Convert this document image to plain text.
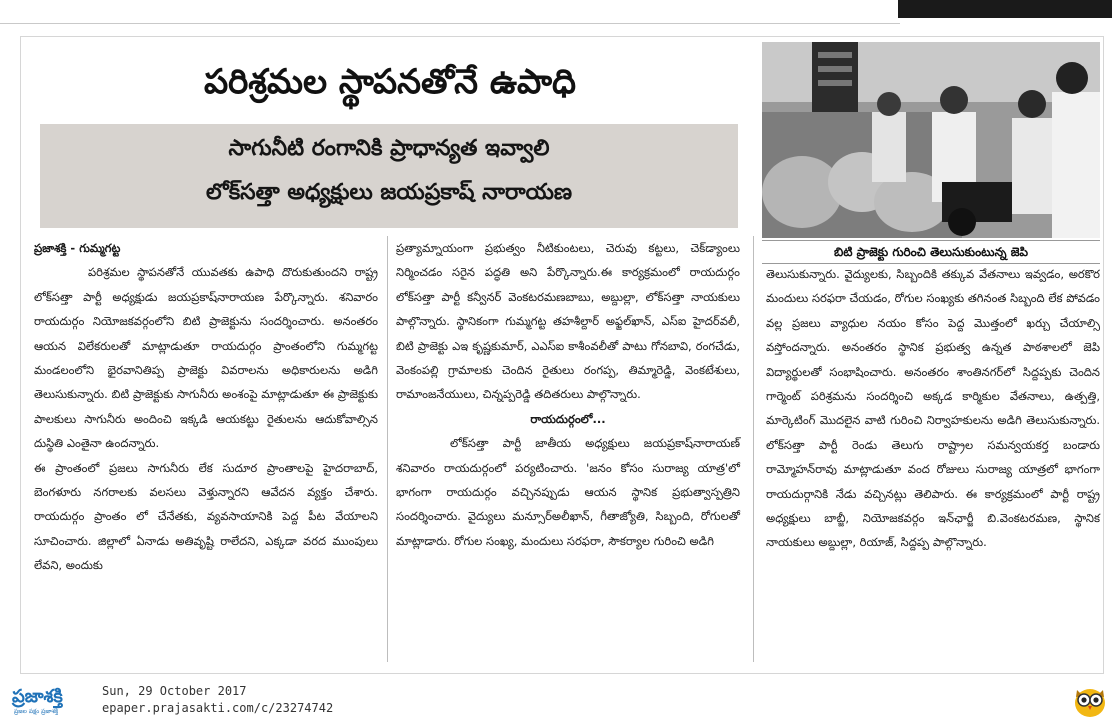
పరిశ్రమల స్థాపనతోనే ఉపాధి
సాగునీటి రంగానికి ప్రాధాన్యత ఇవ్వాలి
లోక్‌సత్తా అధ్యక్షులు జయప్రకాష్‌ నారాయణ
బిటి ప్రాజెక్టు గురించి తెలుసుకుంటున్న జెపి

ప్రజాశక్తి - గుమ్మగట్ట

పరిశ్రమల స్థాపనతోనే యువతకు ఉపాధి దొరుకుతుందని రాష్ట్ర లోక్‌సత్తా పార్టీ అధ్యక్షుడు జయప్రకాష్‌నారాయణ పేర్కొన్నారు. శనివారం రాయదుర్గం నియోజకవర్గంలోని బిటి ప్రాజెక్టును సందర్శించారు. అనంతరం ఆయన విలేకరులతో మాట్లాడుతూ రాయదుర్గం ప్రాంతంలోని గుమ్మగట్ట మండలంలోని భైరవానితిప్ప ప్రాజెక్టు వివరాలను అధికారులను అడిగి తెలుసుకున్నారు. బిటి ప్రాజెక్టుకు సాగునీరు అంశంపై మాట్లాడుతూ ఈ ప్రాజెక్టుకు పాలకులు సాగునీరు అందించి ఇక్కడి ఆయకట్టు రైతులను ఆదుకోవాల్సిన దుస్థితి ఎంతైనా ఉందన్నారు.

ఈ ప్రాంతంలో ప్రజలు సాగునీరు లేక సుదూర ప్రాంతాలపై హైదరాబాద్‌, బెంగళూరు నగరాలకు వలసలు వెళ్తున్నారని ఆవేదన వ్యక్తం చేశారు. రాయదుర్గం ప్రాంతం లో చేనేతకు, వ్యవసాయానికి పెద్ద పీట వేయాలని సూచించారు. జిల్లాలో ఏనాడు అతివృష్టి రాలేదని, ఎక్కడా వరద ముంపులు లేవని, అందుకు

ప్రత్యామ్నాయంగా ప్రభుత్వం నీటికుంటలు, చెరువు కట్టలు, చెక్‌డ్యాంలు నిర్మించడం సరైన పద్ధతి అని పేర్కొన్నారు.ఈ కార్యక్రమంలో రాయదుర్గం లోక్‌సత్తా పార్టీ కన్వీనర్‌ వెంకటరమణబాబు, అబ్దుల్లా, లోక్‌సత్తా నాయకులు పాల్గొన్నారు. స్థానికంగా గుమ్మగట్ట తహశీల్దార్‌ అఫ్జల్‌ఖాన్‌, ఎస్‌ఐ హైదర్‌వలీ, బిటి ప్రాజెక్టు ఎఇ కృష్ణకుమార్‌, ఎఎస్‌ఐ కాశీంవలీతో పాటు గోనబావి, రంగచేడు, వెంకంపల్లి గ్రామాలకు చెందిన రైతులు రంగప్ప, తిమ్మారెడ్డి, వెంకటేశులు, రామాంజనేయులు, చిన్నప్పరెడ్డి తదితరులు పాల్గొన్నారు.

రాయదుర్గంలో...

లోక్‌సత్తా పార్టీ జాతీయ అధ్యక్షులు జయప్రకాష్‌నారాయణ్‌ శనివారం రాయదుర్గంలో పర్యటించారు. 'జనం కోసం సురాజ్య యాత్ర'లో భాగంగా రాయదుర్గం వచ్చినప్పుడు ఆయన స్థానిక ప్రభుత్వాస్పత్రిని సందర్శించారు. వైద్యులు మన్సూర్‌అలీఖాన్‌, గీతాజ్యోతి, సిబ్బంది, రోగులతో మాట్లాడారు. రోగుల సంఖ్య, మందులు సరఫరా, సౌకర్యాల గురించి అడిగి

తెలుసుకున్నారు. వైద్యులకు, సిబ్బందికి తక్కువ వేతనాలు ఇవ్వడం, అరకొర మందులు సరఫరా చేయడం, రోగుల సంఖ్యకు తగినంత సిబ్బంది లేక పోవడం వల్ల ప్రజలు వ్యాధుల నయం కోసం పెద్ద మొత్తంలో ఖర్చు చేయాల్సి వస్తోందన్నారు. అనంతరం స్థానిక ప్రభుత్వ ఉన్నత పాఠశాలలో జెపి విద్యార్థులతో సంభాషించారు. అనంతరం శాంతినగర్‌లో సిద్దప్పకు చెందిన గార్మెంట్‌ పరిశ్రమను సందర్శించి అక్కడ కార్మికుల వేతనాలు, ఉత్పత్తి, మార్కెటింగ్‌ మొదలైన వాటి గురించి నిర్వాహకులను అడిగి తెలుసుకున్నారు. లోక్‌సత్తా పార్టీ రెండు తెలుగు రాష్ట్రాల సమన్వయకర్త బండారు రామ్మోహన్‌రావు మాట్లాడుతూ వంద రోజులు సురాజ్య యాత్రలో భాగంగా రాయదుర్గానికి నేడు వచ్చినట్లు తెలిపారు. ఈ కార్యక్రమంలో పార్టీ రాష్ట్ర అధ్యక్షులు బాబ్జీ, నియోజకవర్గం ఇన్‌ఛార్జీ బి.వెంకటరమణ, స్థానిక నాయకులు అబ్దుల్లా, రియాజ్‌, సిద్దప్ప పాల్గొన్నారు.

ప్రజాశక్తి
ప్రజల పక్షం ప్రజాశక్తి
Sun, 29 October 2017
epaper.prajasakti.com/c/23274742
